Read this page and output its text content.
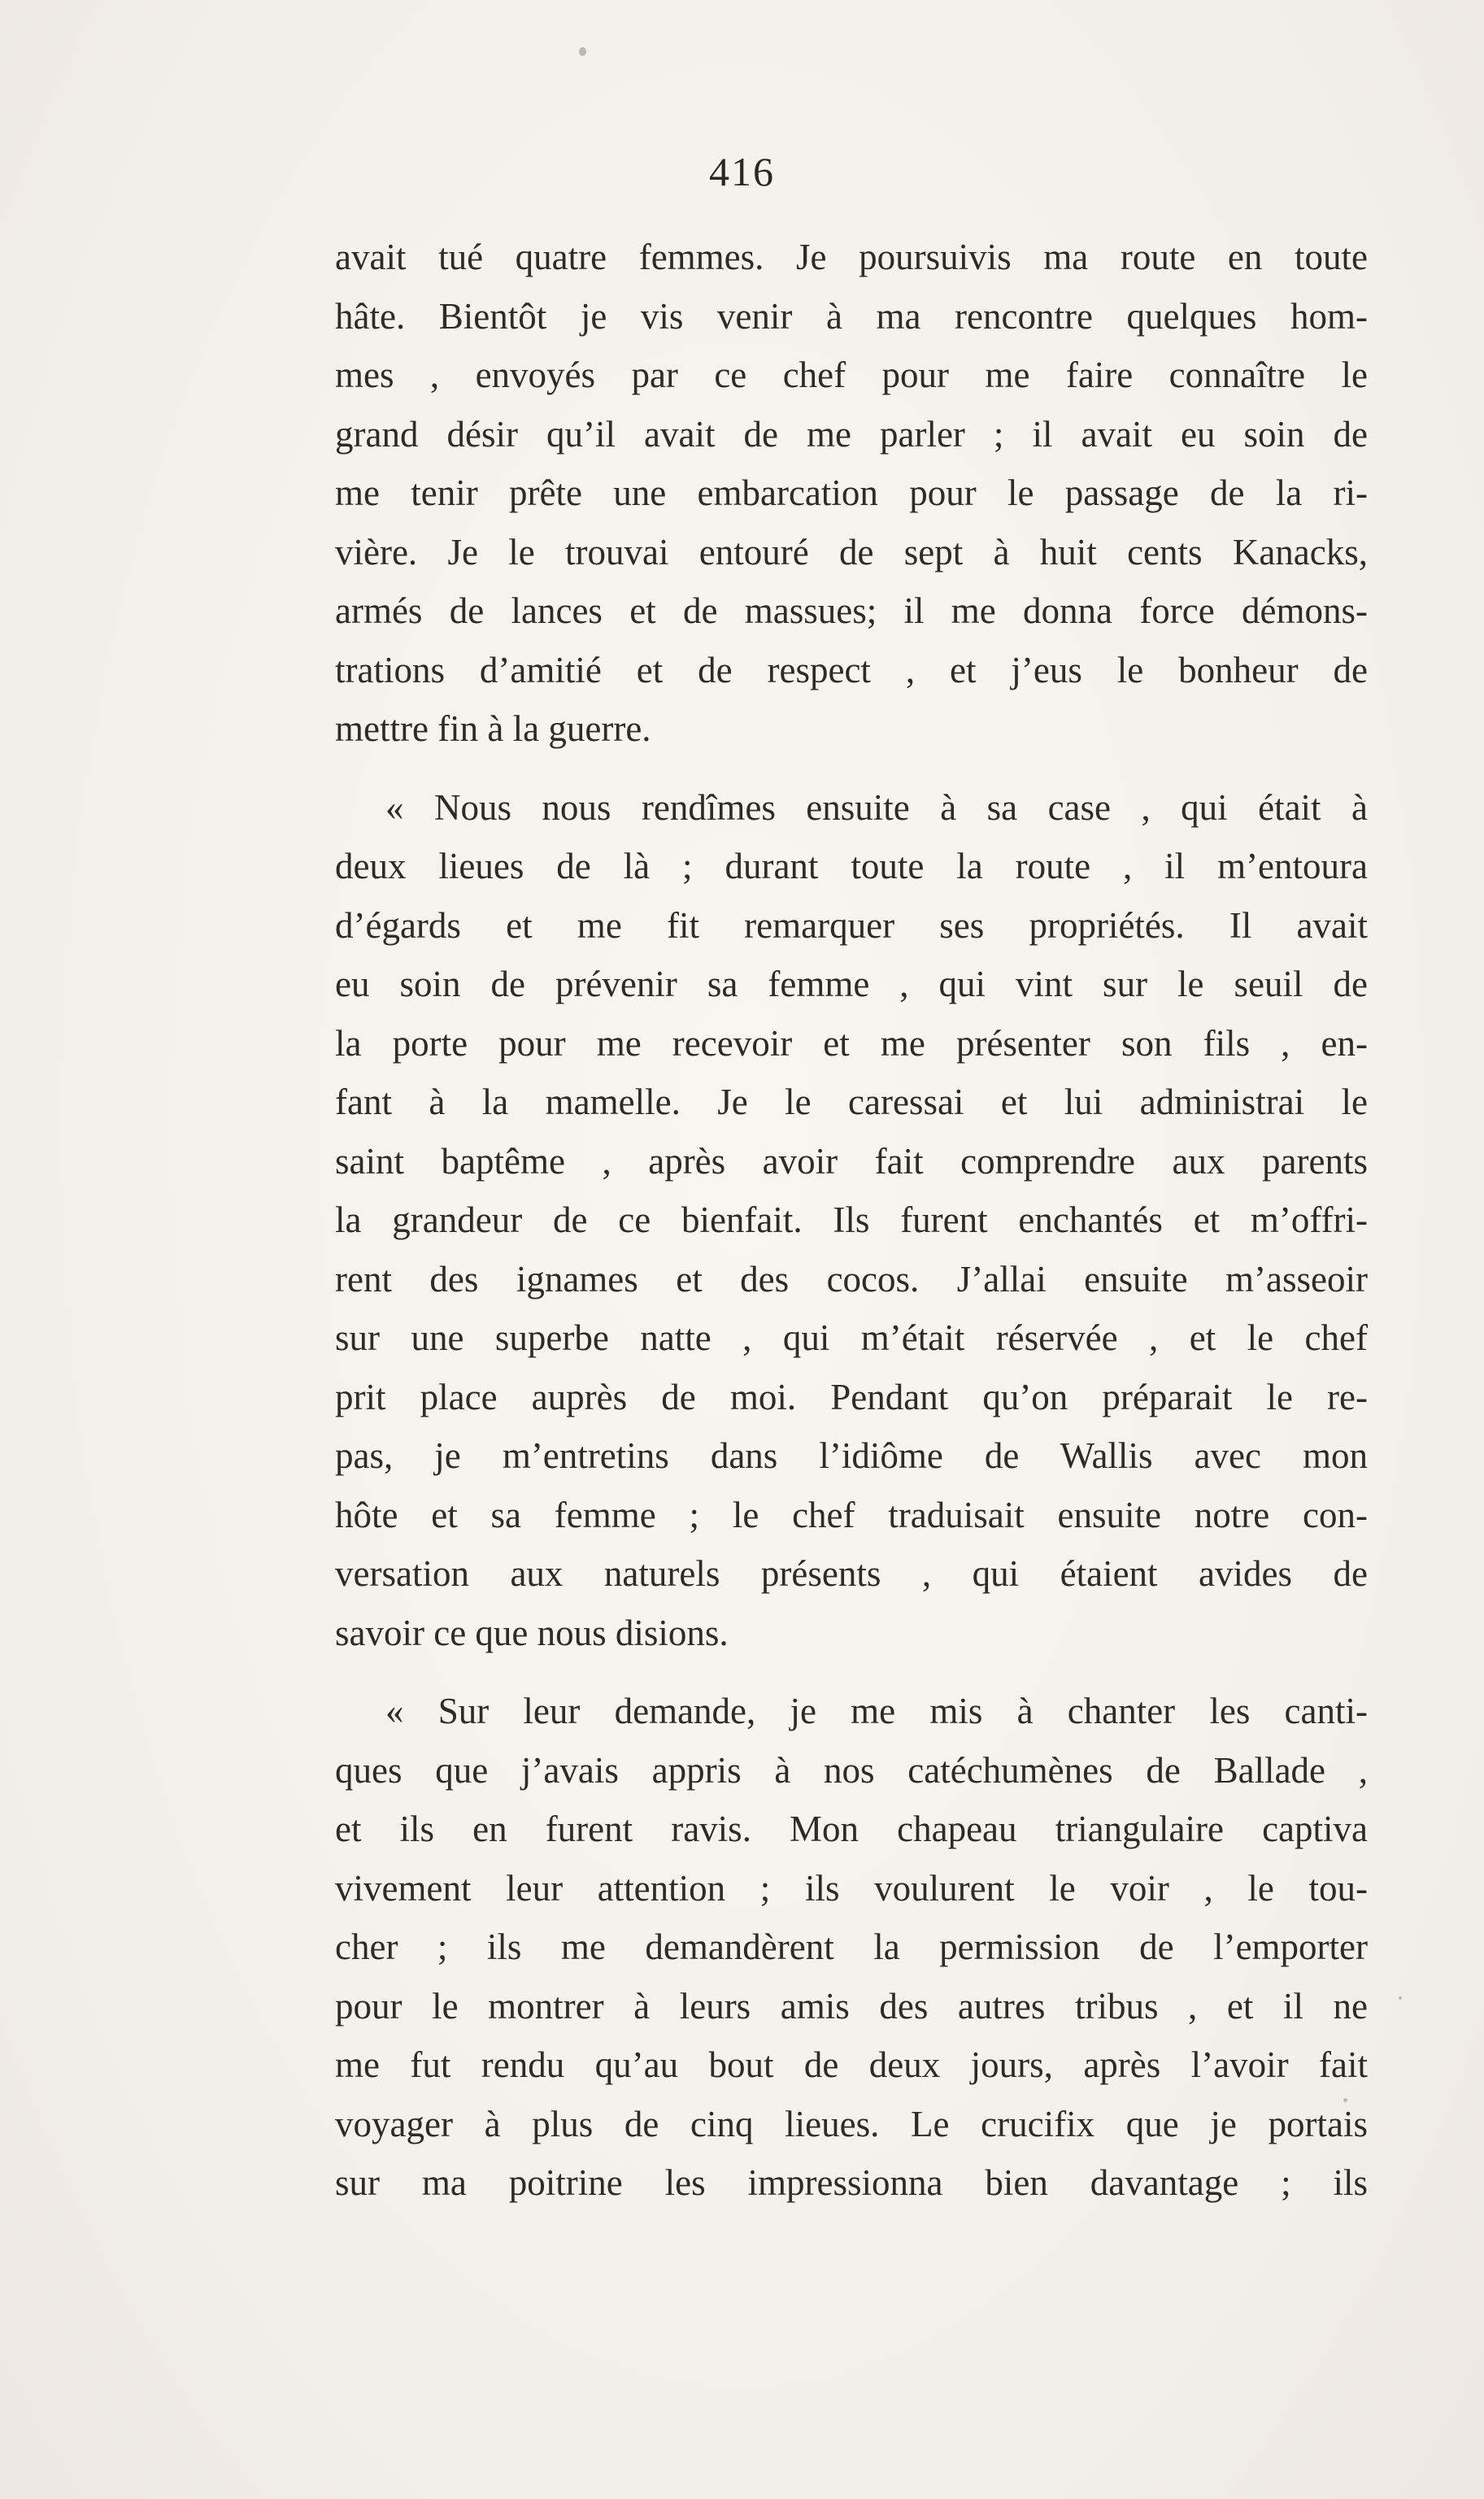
416

avait tué quatre femmes. Je poursuivis ma route en toute
hâte. Bientôt je vis venir à ma rencontre quelques hom-
mes , envoyés par ce chef pour me faire connaître le
grand désir qu’il avait de me parler ; il avait eu soin de
me tenir prête une embarcation pour le passage de la ri-
vière. Je le trouvai entouré de sept à huit cents Kanacks,
armés de lances et de massues; il me donna force démons-
trations d’amitié et de respect , et j’eus le bonheur de
mettre fin à la guerre.

« Nous nous rendîmes ensuite à sa case , qui était à
deux lieues de là ; durant toute la route , il m’entoura
d’égards et me fit remarquer ses propriétés. Il avait
eu soin de prévenir sa femme , qui vint sur le seuil de
la porte pour me recevoir et me présenter son fils , en-
fant à la mamelle. Je le caressai et lui administrai le
saint baptême , après avoir fait comprendre aux parents
la grandeur de ce bienfait. Ils furent enchantés et m’offri-
rent des ignames et des cocos. J’allai ensuite m’asseoir
sur une superbe natte , qui m’était réservée , et le chef
prit place auprès de moi. Pendant qu’on préparait le re-
pas, je m’entretins dans l’idiôme de Wallis avec mon
hôte et sa femme ; le chef traduisait ensuite notre con-
versation aux naturels présents , qui étaient avides de
savoir ce que nous disions.

« Sur leur demande, je me mis à chanter les canti-
ques que j’avais appris à nos catéchumènes de Ballade ,
et ils en furent ravis. Mon chapeau triangulaire captiva
vivement leur attention ; ils voulurent le voir , le tou-
cher ; ils me demandèrent la permission de l’emporter
pour le montrer à leurs amis des autres tribus , et il ne
me fut rendu qu’au bout de deux jours, après l’avoir fait
voyager à plus de cinq lieues. Le crucifix que je portais
sur ma poitrine les impressionna bien davantage ; ils
